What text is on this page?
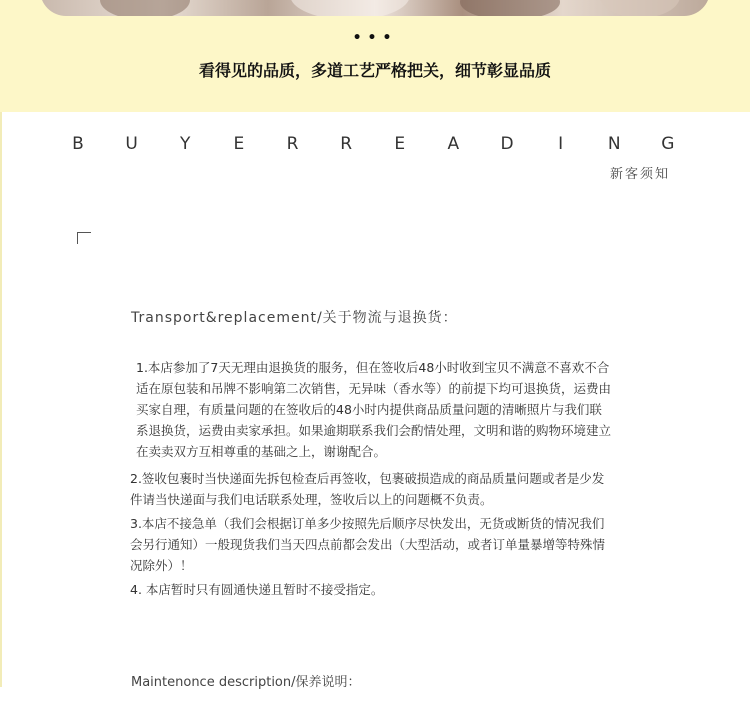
•••
看得见的品质，多道工艺严格把关，细节彰显品质
B U Y	E R R E A D	I	N G
新客须知
Transport&replacement/关于物流与退换货：

1.本店参加了7天无理由退换货的服务，但在签收后48小时收到宝贝不满意不喜欢不合适在原包装和吊牌不影响第二次销售，无异味（香水等）的前提下均可退换货，运费由买家自理，有质量问题的在签收后的48小时内提供商品质量问题的清晰照片与我们联系退换货，运费由卖家承担。如果逾期联系我们会酌情处理，文明和谐的购物环境建立在卖卖双方互相尊重的基础之上，谢谢配合。

2.签收包裹时当快递面先拆包检查后再签收，包裹破损造成的商品质量问题或者是少发件请当快递面与我们电话联系处理，签收后以上的问题概不负责。

3.本店不接急单（我们会根据订单多少按照先后顺序尽快发出，无货或断货的情况我们会另行通知）一般现货我们当天四点前都会发出（大型活动，或者订单量暴增等特殊情况除外）！

4. 本店暂时只有圆通快递且暂时不接受指定。

Maintenonce description/保养说明：
